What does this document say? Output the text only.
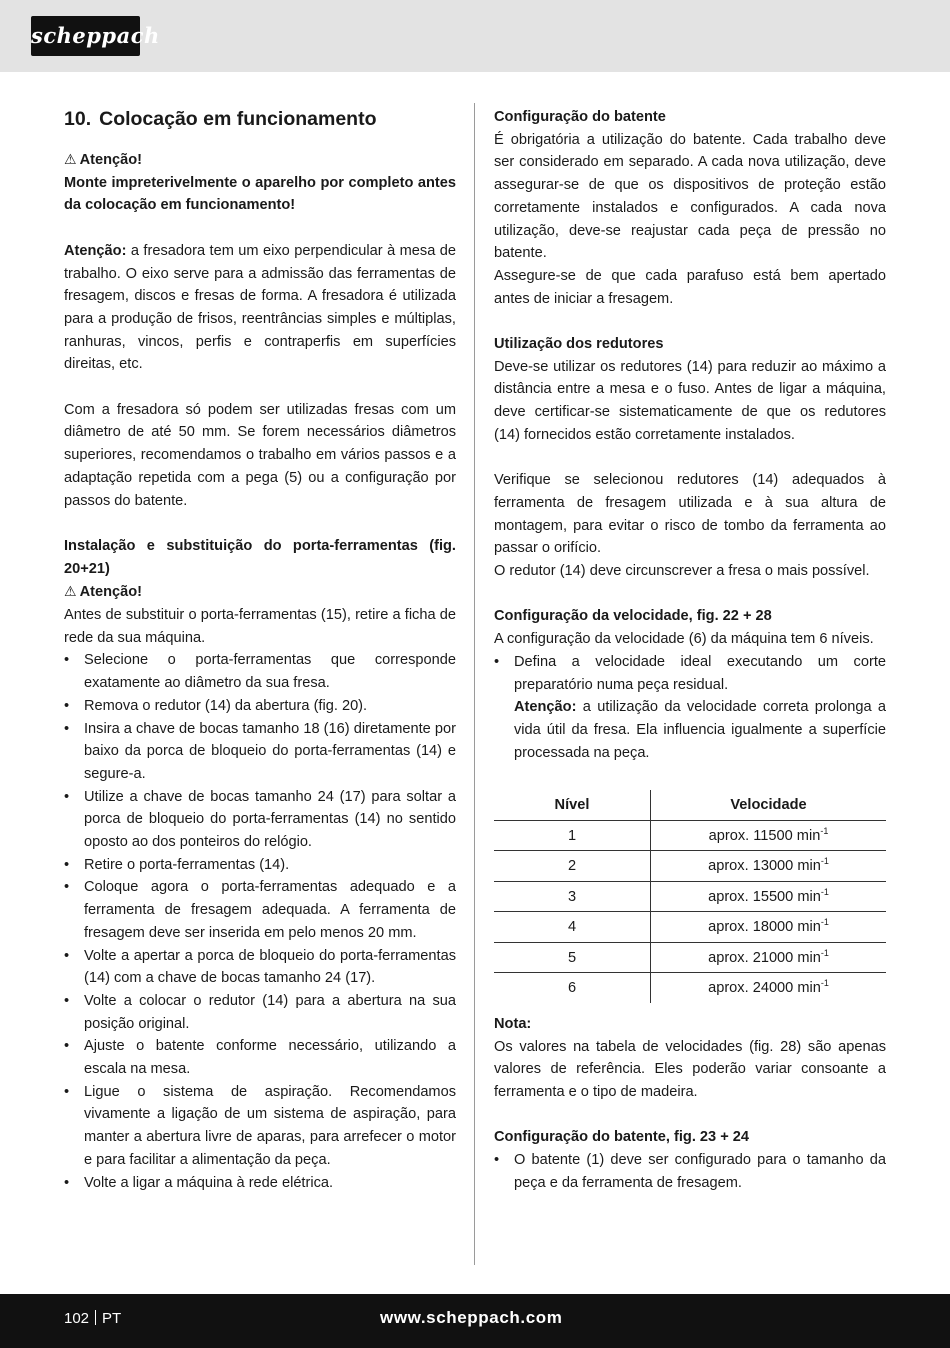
scheppach
10. Colocação em funcionamento

⚠ Atenção!

Monte impreterivelmente o aparelho por completo antes da colocação em funcionamento!

Atenção: a fresadora tem um eixo perpendicular à mesa de trabalho. O eixo serve para a admissão das ferramentas de fresagem, discos e fresas de forma. A fresadora é utilizada para a produção de frisos, reentrâncias simples e múltiplas, ranhuras, vincos, perfis e contraperfis em superfícies direitas, etc.

Com a fresadora só podem ser utilizadas fresas com um diâmetro de até 50 mm. Se forem necessários diâmetros superiores, recomendamos o trabalho em vários passos e a adaptação repetida com a pega (5) ou a configuração por passos do batente.

Instalação e substituição do porta-ferramentas (fig. 20+21)

⚠ Atenção!

Antes de substituir o porta-ferramentas (15), retire a ficha de rede da sua máquina.

• Selecione o porta-ferramentas que corresponde exatamente ao diâmetro da sua fresa.
• Remova o redutor (14) da abertura (fig. 20).
• Insira a chave de bocas tamanho 18 (16) diretamente por baixo da porca de bloqueio do porta-ferramentas (14) e segure-a.
• Utilize a chave de bocas tamanho 24 (17) para soltar a porca de bloqueio do porta-ferramentas (14) no sentido oposto ao dos ponteiros do relógio.
• Retire o porta-ferramentas (14).
• Coloque agora o porta-ferramentas adequado e a ferramenta de fresagem adequada. A ferramenta de fresagem deve ser inserida em pelo menos 20 mm.
• Volte a apertar a porca de bloqueio do porta-ferramentas (14) com a chave de bocas tamanho 24 (17).
• Volte a colocar o redutor (14) para a abertura na sua posição original.
• Ajuste o batente conforme necessário, utilizando a escala na mesa.
• Ligue o sistema de aspiração. Recomendamos vivamente a ligação de um sistema de aspiração, para manter a abertura livre de aparas, para arrefecer o motor e para facilitar a alimentação da peça.
• Volte a ligar a máquina à rede elétrica.

Configuração do batente

É obrigatória a utilização do batente. Cada trabalho deve ser considerado em separado. A cada nova utilização, deve assegurar-se de que os dispositivos de proteção estão corretamente instalados e configurados. A cada nova utilização, deve-se reajustar cada peça de pressão no batente.

Assegure-se de que cada parafuso está bem apertado antes de iniciar a fresagem.

Utilização dos redutores

Deve-se utilizar os redutores (14) para reduzir ao máximo a distância entre a mesa e o fuso. Antes de ligar a máquina, deve certificar-se sistematicamente de que os redutores (14) fornecidos estão corretamente instalados.

Verifique se selecionou redutores (14) adequados à ferramenta de fresagem utilizada e à sua altura de montagem, para evitar o risco de tombo da ferramenta ao passar o orifício.

O redutor (14) deve circunscrever a fresa o mais possível.

Configuração da velocidade, fig. 22 + 28

A configuração da velocidade (6) da máquina tem 6 níveis.

• Defina a velocidade ideal executando um corte preparatório numa peça residual.
Atenção: a utilização da velocidade correta prolonga a vida útil da fresa. Ela influencia igualmente a superfície processada na peça.
Nível	Velocidade
1	aprox. 11500 $\min^{-1}$
2	aprox. 13000 $\min^{-1}$
3	aprox. 15500 $\min^{-1}$
4	aprox. 18000 $\min^{-1}$
5	aprox. 21000 $\min^{-1}$
6	aprox. 24000 $\min^{-1}$

Nota:

Os valores na tabela de velocidades (fig. 28) são apenas valores de referência. Eles poderão variar consoante a ferramenta e o tipo de madeira.

Configuração do batente, fig. 23 + 24

• O batente (1) deve ser configurado para o tamanho da peça e da ferramenta de fresagem.
102 PT	www.scheppach.com
